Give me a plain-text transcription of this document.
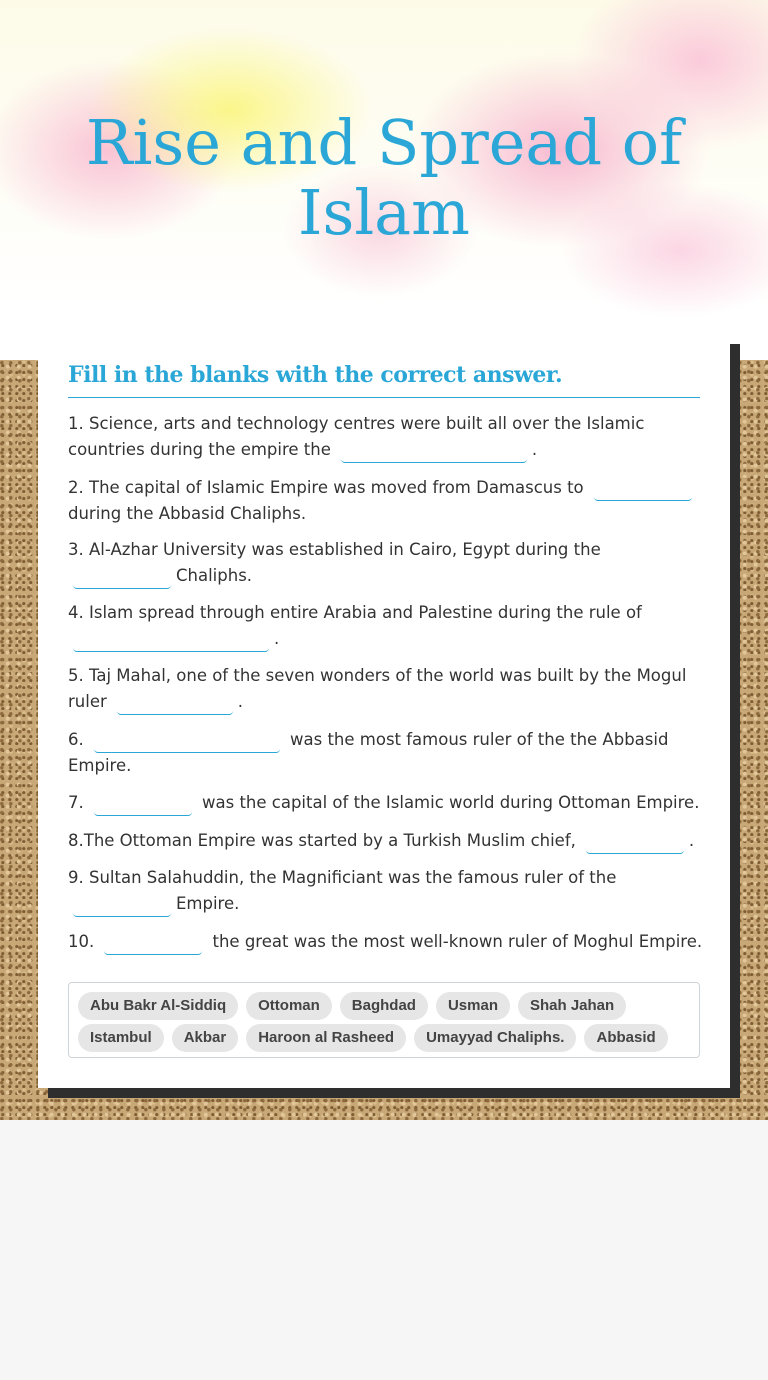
Rise and Spread of Islam
Fill in the blanks with the correct answer.
1. Science, arts and technology centres were built all over the Islamic countries during the empire the	.
2. The capital of Islamic Empire was moved from Damascus to during the Abbasid Chaliphs.
3. Al-Azhar University was established in Cairo, Egypt during the Chaliphs.
4. Islam spread through entire Arabia and Palestine during the rule of .
5. Taj Mahal, one of the seven wonders of the world was built by the Mogul ruler	.
6.	was the most famous ruler of the the Abbasid Empire.
7.	was the capital of the Islamic world during Ottoman Empire.
8.The Ottoman Empire was started by a Turkish Muslim chief,	.
9. Sultan Salahuddin, the Magnificiant was the famous ruler of the Empire.
10.	the great was the most well-known ruler of Moghul Empire.
Abu Bakr Al-Siddiq	Ottoman	Baghdad	Usman	Shah Jahan
Istambul	Akbar	Haroon al Rasheed	Umayyad Chaliphs.	Abbasid
